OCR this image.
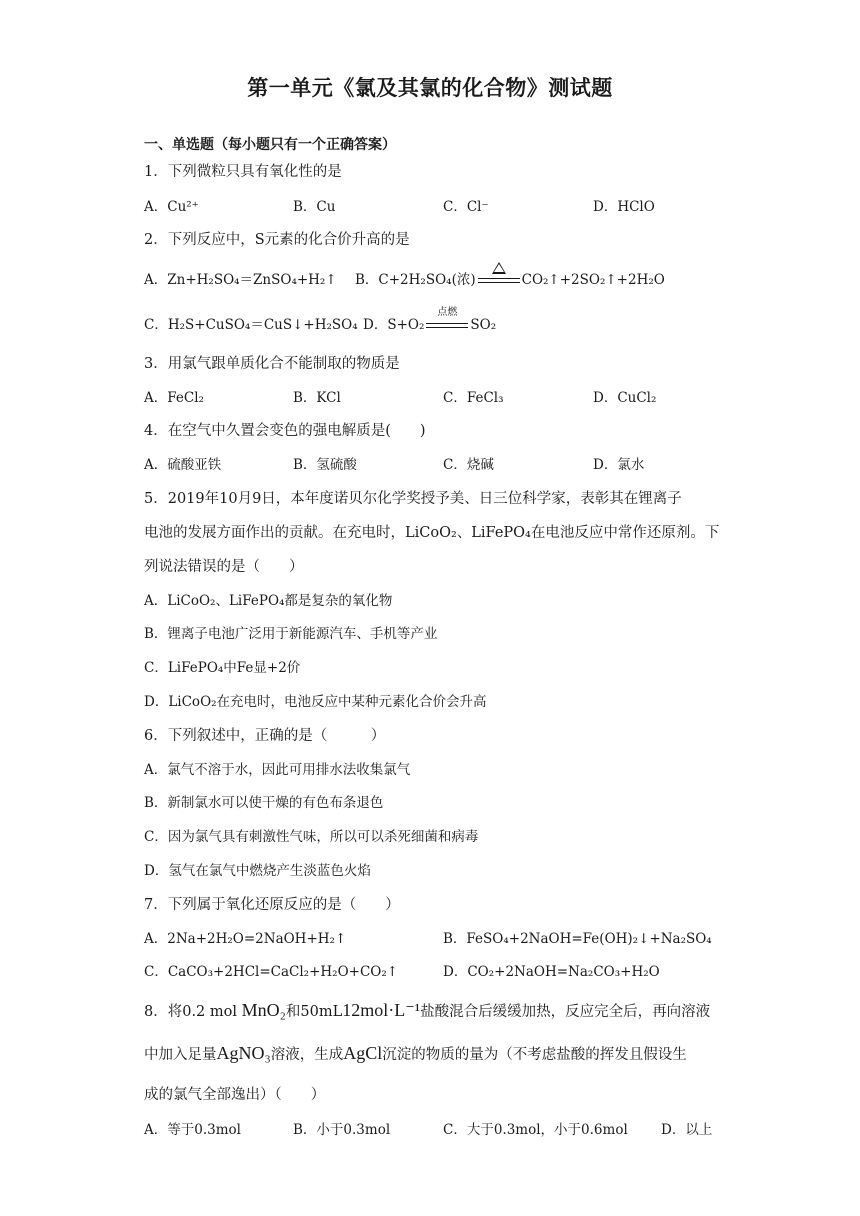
第一单元《氯及其氯的化合物》测试题
一、单选题（每小题只有一个正确答案）
1．下列微粒只具有氧化性的是
A．Cu²⁺	B．Cu	C．Cl⁻	D．HClO
2．下列反应中，S元素的化合价升高的是
A．Zn+H₂SO₄＝ZnSO₄+H₂↑ B．C+2H₂SO₄(浓)	CO₂↑+2SO₂↑+2H₂O
C．H₂S+CuSO₄＝CuS↓+H₂SO₄ D．S+O₂
点燃
SO₂
3．用氯气跟单质化合不能制取的物质是
A．FeCl₂	B．KCl	C．FeCl₃	D．CuCl₂
4．在空气中久置会变色的强电解质是(　　)
A．硫酸亚铁	B．氢硫酸	C．烧碱	D．氯水
5．2019年10月9日，本年度诺贝尔化学奖授予美、日三位科学家，表彰其在锂离子
电池的发展方面作出的贡献。在充电时，LiCoO₂、LiFePO₄在电池反应中常作还原剂。下
列说法错误的是（　　）
A．LiCoO₂、LiFePO₄都是复杂的氧化物
B．锂离子电池广泛用于新能源汽车、手机等产业
C．LiFePO₄中Fe显+2价
D．LiCoO₂在充电时，电池反应中某种元素化合价会升高
6．下列叙述中，正确的是（　　　）
A．氯气不溶于水，因此可用排水法收集氯气
B．新制氯水可以使干燥的有色布条退色
C．因为氯气具有刺激性气味，所以可以杀死细菌和病毒
D．氢气在氯气中燃烧产生淡蓝色火焰
7．下列属于氧化还原反应的是（　　）
A．2Na+2H₂O=2NaOH+H₂↑	B．FeSO₄+2NaOH=Fe(OH)₂↓+Na₂SO₄
C．CaCO₃+2HCl=CaCl₂+H₂O+CO₂↑	D．CO₂+2NaOH=Na₂CO₃+H₂O
8．将0.2 mol MnO₂和50mL12mol·L⁻¹盐酸混合后缓缓加热，反应完全后，再向溶液
中加入足量AgNO₃溶液，生成AgCl沉淀的物质的量为（不考虑盐酸的挥发且假设生
成的氯气全部逸出）（　　）
A．等于0.3mol	B．小于0.3mol	C．大于0.3mol，小于0.6mol D．以上
